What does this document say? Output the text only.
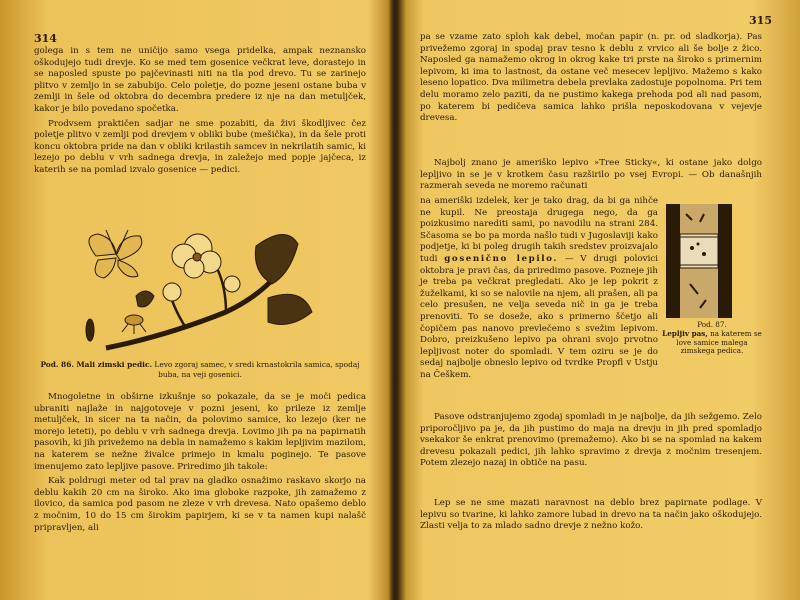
314

golega in s tem ne uniči̇jo samo vsega pridelka, ampak neznansko oškodujejo tudi drevje. Ko se med tem gosenice večkrat leve, dorastejo in se naposled spuste po pajčevinasti niti na tla pod drevo. Tu se zarinejo plitvo v zemljo in se zabubijo. Celo poletje, do pozne jeseni ostane buba v zemlji in šele od oktobra do decembra predere iz nje na dan metuljček, kakor je bilo povedano spočetka.

Prodvsem praktičen sadjar ne sme pozabiti, da živi škodljivec čez poletje plitvo v zemlji pod drevjem v obliki bube (mešička), in da šele proti koncu oktobra pride na dan v obliki krilastih samcev in nekrilatih samic, ki lezejo po deblu v vrh sadnega drevja, in zaležejo med popje jajčeca, iz katerih se na pomlad izvalo gosenice — pedici.

Pod. 86. Mali zimski pedic. Levo zgoraj samec, v sredi krnastokrila samica, spodaj buba, na veji gosenici.

Mnogoletne in obširne izkušnje so pokazale, da se je moči pedica ubraniti najlaže in najgotoveje v pozni jeseni, ko prileze iz zemlje metuljček, in sicer na ta način, da polovimo samice, ko lezejo (ker ne morejo leteti), po deblu v vrh sadnega drevja. Lovimo jih pa na papirnatih pasovih, ki jih privežemo na debla in namažemo s kakim lepljivim mazilom, na katerem se nežne živalce primejo in kmalu poginejo. Te pasove imenujemo zato lepljive pasove. Priredimo jih takole:

Kak poldrugi meter od tal prav na gladko osnažimo raskavo skorjo na deblu kakih 20 cm na široko. Ako ima globoke razpoke, jih zamažemo z ilovico, da samica pod pasom ne zleze v vrh drevesa. Nato opašemo deblo z močnim, 10 do 15 cm širokim papirjem, ki se v ta namen kupi nalašč pripravljen, ali

315

pa se vzame zato sploh kak debel, močan papir (n. pr. od sladkorja). Pas privežemo zgoraj in spodaj prav tesno k deblu z vrvico ali še bolje z žico. Naposled ga namažemo okrog in okrog kake tri prste na široko s primernim lepivom, ki ima to lastnost, da ostane več mesecev lepljivo. Mažemo s kako leseno lopatico. Dva milimetra debela prevlaka zadostuje popolnoma. Pri tem delu moramo zelo paziti, da ne pustimo kakega prehoda pod ali nad pasom, po katerem bi pedičeva samica lahko prišla neposkodovana v vejevje drevesa.

Najbolj znano je ameriško lepivo »Tree Sticky«, ki ostane jako dolgo lepljivo in se je v krotkem času razširilo po vsej Evropi. — Ob današnjih razmerah seveda ne moremo računati

na ameriški izdelek, ker je tako drag, da bi ga nihče ne kupil. Ne preostaja drugega nego, da ga poizkusimo narediti sami, po navodilu na strani 284. Sčasoma se bo pa morda našlo tudi v Jugoslaviji kako podjetje, ki bi poleg drugih takih sredstev proizvajalo tudi gosenično lepilo. — V drugi polovici oktobra je pravi čas, da priredimo pasove. Pozneje jih je treba pa večkrat pregledati. Ako je lep pokrit z žuželkami, ki so se nalovile na njem, ali prašen, ali pa celo presušen, ne velja seveda nič in ga je treba prenoviti. To se doseže, ako s primerno ščetjo ali čopičem pas nanovo prevlečemo s svežim lepivom. Dobro, preizkušeno lepivo pa ohrani svojo prvotno lepljivost noter do spomladi. V tem oziru se je do sedaj najbolje obneslo lepivo od tvrdke Propfl v Ustju na Češkem.

Pod. 87.
Lepljiv pas, na katerem se love samice malega zimskega pedica.

Pasove odstranjujemo zgodaj spomladi in je najbolje, da jih sežgemo. Zelo priporočljivo pa je, da jih pustimo do maja na drevju in jih pred spomladjo vsekakor še enkrat prenovimo (premažemo). Ako bi se na spomlad na kakem drevesu pokazali pedici, jih lahko spravimo z drevja z močnim tresenjem. Potem zlezejo nazaj in obtiče na pasu.

Lep se ne sme mazati naravnost na deblo brez papirnate podlage. V lepivu so tvarine, ki lahko zamore lubad in drevo na ta način jako oškodujejo. Zlasti velja to za mlado sadno drevje z nežno kožo.
